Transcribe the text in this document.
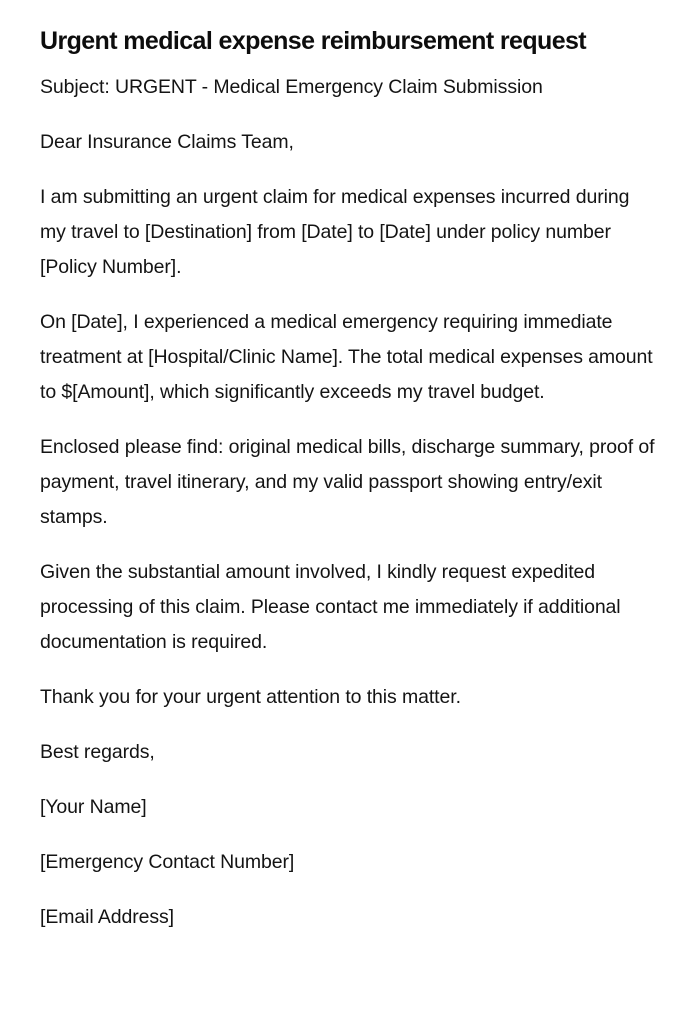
Urgent medical expense reimbursement request

Subject: URGENT - Medical Emergency Claim Submission

Dear Insurance Claims Team,

I am submitting an urgent claim for medical expenses incurred during my travel to [Destination] from [Date] to [Date] under policy number [Policy Number].

On [Date], I experienced a medical emergency requiring immediate treatment at [Hospital/Clinic Name]. The total medical expenses amount to $[Amount], which significantly exceeds my travel budget.

Enclosed please find: original medical bills, discharge summary, proof of payment, travel itinerary, and my valid passport showing entry/exit stamps.

Given the substantial amount involved, I kindly request expedited processing of this claim. Please contact me immediately if additional documentation is required.

Thank you for your urgent attention to this matter.

Best regards,

[Your Name]

[Emergency Contact Number]

[Email Address]
